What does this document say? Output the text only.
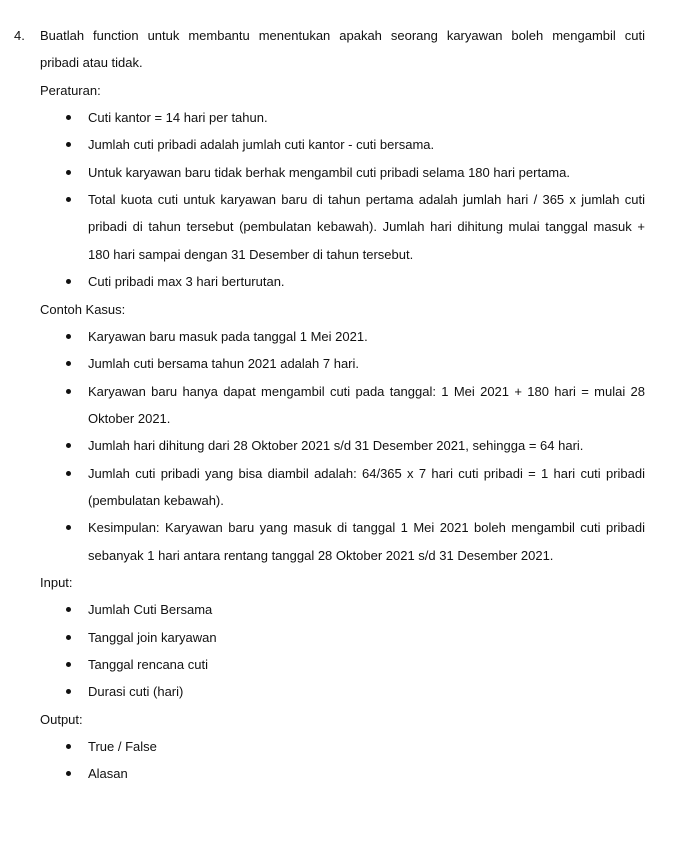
4. Buatlah function untuk membantu menentukan apakah seorang karyawan boleh mengambil cuti
pribadi atau tidak.
Peraturan:
Cuti kantor = 14 hari per tahun.
Jumlah cuti pribadi adalah jumlah cuti kantor - cuti bersama.
Untuk karyawan baru tidak berhak mengambil cuti pribadi selama 180 hari pertama.
Total kuota cuti untuk karyawan baru di tahun pertama adalah jumlah hari / 365 x jumlah cuti
pribadi di tahun tersebut (pembulatan kebawah). Jumlah hari dihitung mulai tanggal masuk +
180 hari sampai dengan 31 Desember di tahun tersebut.
Cuti pribadi max 3 hari berturutan.
Contoh Kasus:
Karyawan baru masuk pada tanggal 1 Mei 2021.
Jumlah cuti bersama tahun 2021 adalah 7 hari.
Karyawan baru hanya dapat mengambil cuti pada tanggal: 1 Mei 2021 + 180 hari = mulai 28
Oktober 2021.
Jumlah hari dihitung dari 28 Oktober 2021 s/d 31 Desember 2021, sehingga = 64 hari.
Jumlah cuti pribadi yang bisa diambil adalah: 64/365 x 7 hari cuti pribadi = 1 hari cuti pribadi
(pembulatan kebawah).
Kesimpulan: Karyawan baru yang masuk di tanggal 1 Mei 2021 boleh mengambil cuti pribadi
sebanyak 1 hari antara rentang tanggal 28 Oktober 2021 s/d 31 Desember 2021.
Input:
Jumlah Cuti Bersama
Tanggal join karyawan
Tanggal rencana cuti
Durasi cuti (hari)
Output:
True / False
Alasan
